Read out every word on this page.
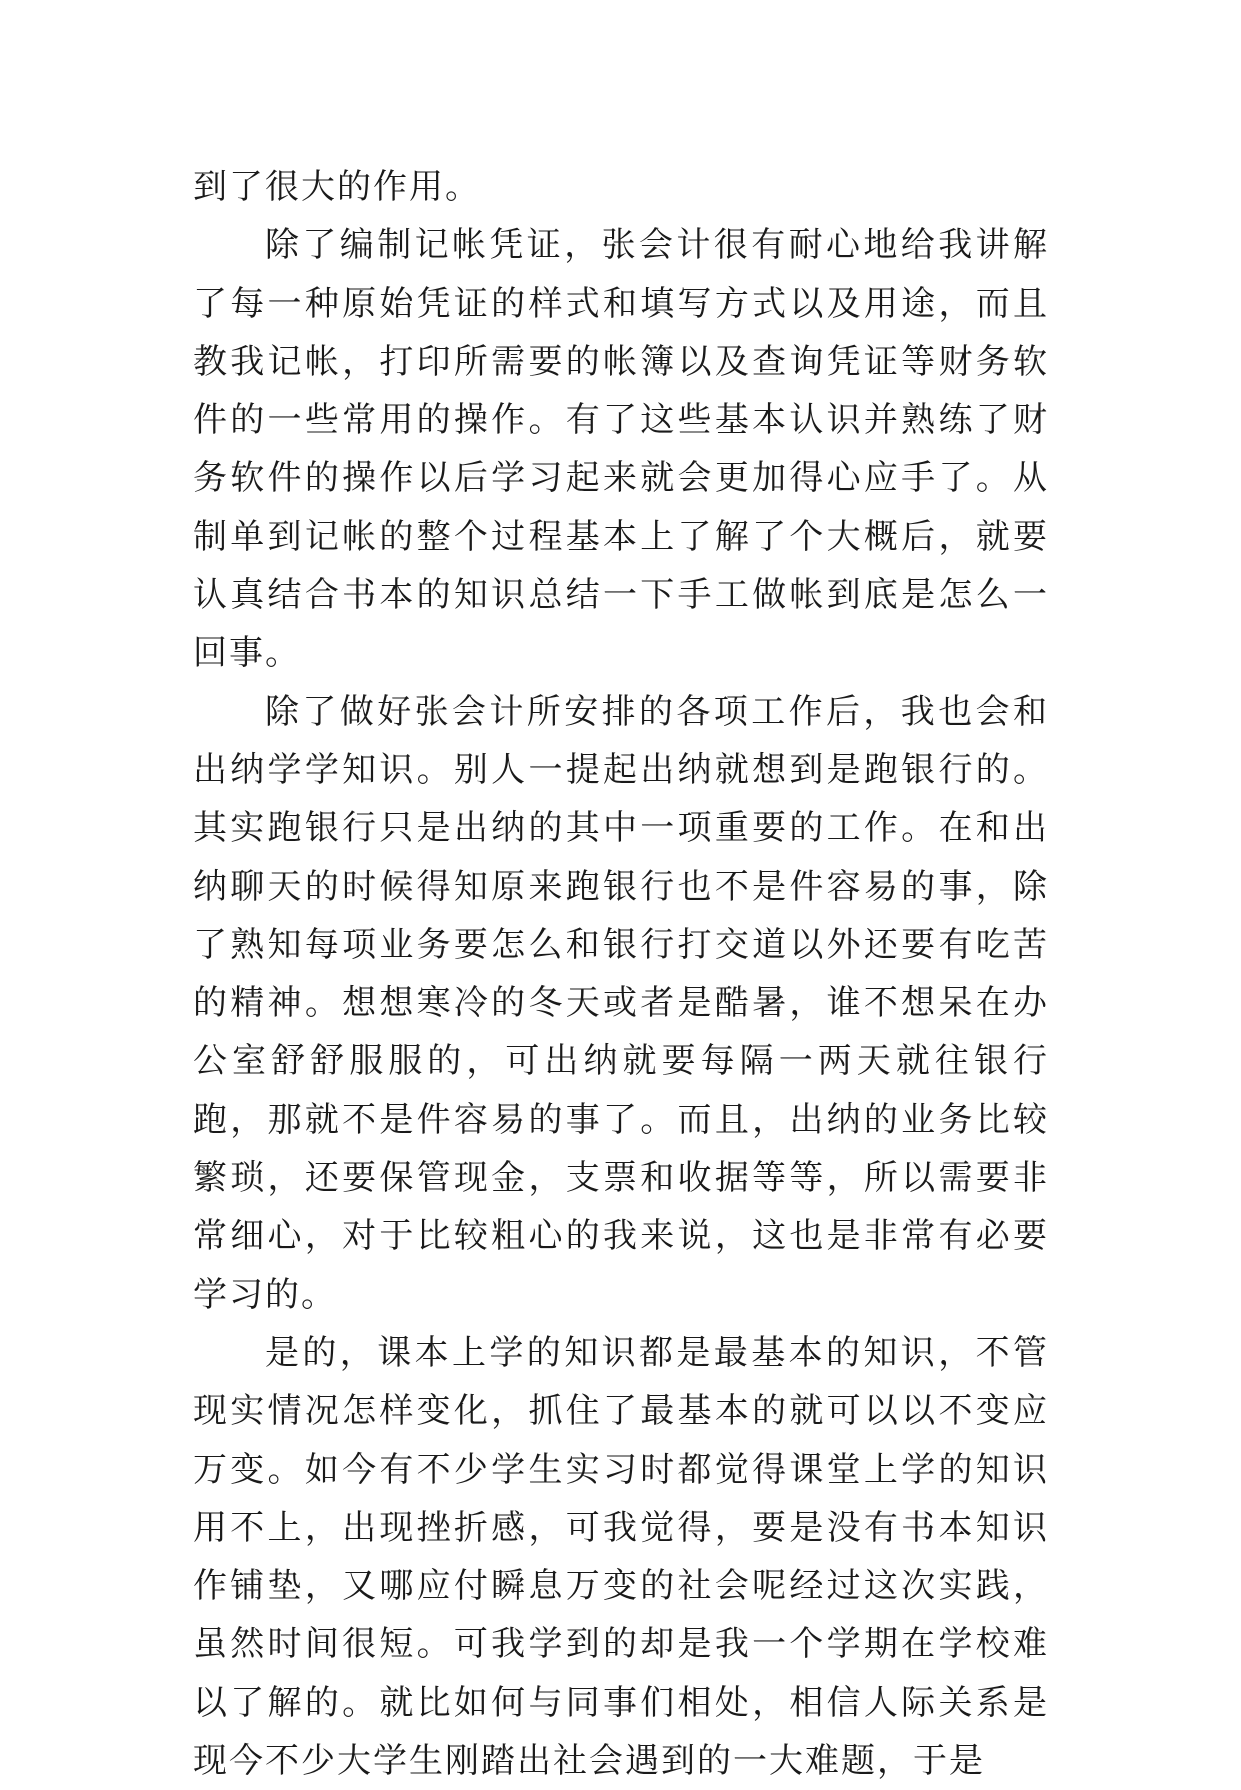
到了很大的作用。

除了编制记帐凭证，张会计很有耐心地给我讲解了每一种原始凭证的样式和填写方式以及用途，而且教我记帐，打印所需要的帐簿以及查询凭证等财务软件的一些常用的操作。有了这些基本认识并熟练了财务软件的操作以后学习起来就会更加得心应手了。从制单到记帐的整个过程基本上了解了个大概后，就要认真结合书本的知识总结一下手工做帐到底是怎么一回事。

除了做好张会计所安排的各项工作后，我也会和出纳学学知识。别人一提起出纳就想到是跑银行的。其实跑银行只是出纳的其中一项重要的工作。在和出纳聊天的时候得知原来跑银行也不是件容易的事，除了熟知每项业务要怎么和银行打交道以外还要有吃苦的精神。想想寒冷的冬天或者是酷暑，谁不想呆在办公室舒舒服服的，可出纳就要每隔一两天就往银行跑，那就不是件容易的事了。而且，出纳的业务比较繁琐，还要保管现金，支票和收据等等，所以需要非常细心，对于比较粗心的我来说，这也是非常有必要学习的。

是的，课本上学的知识都是最基本的知识，不管现实情况怎样变化，抓住了最基本的就可以以不变应万变。如今有不少学生实习时都觉得课堂上学的知识用不上，出现挫折感，可我觉得，要是没有书本知识作铺垫，又哪应付瞬息万变的社会呢经过这次实践，虽然时间很短。可我学到的却是我一个学期在学校难以了解的。就比如何与同事们相处，相信人际关系是现今不少大学生刚踏出社会遇到的一大难题，于是
